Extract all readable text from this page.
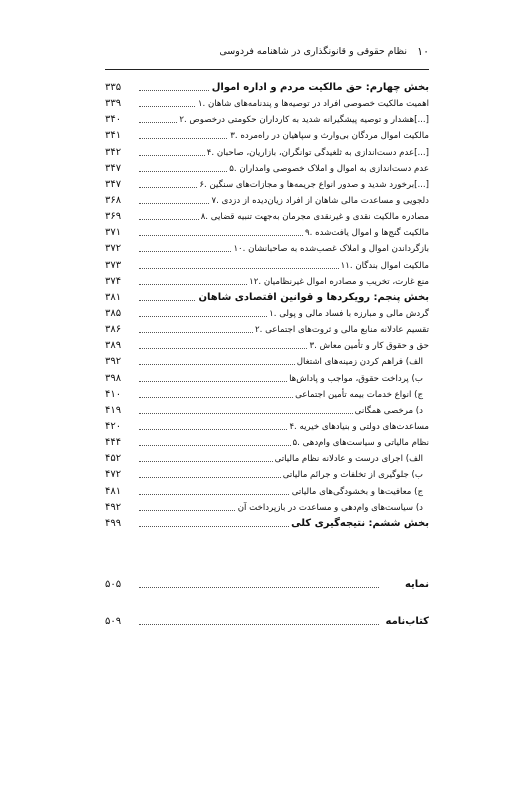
۱۰
نظام حقوقی و قانونگذاری در شاهنامه فردوسی
بخش چهارم: حق مالکیت مردم و اداره اموال
۳۳۵
۱. اهمیت مالکیت خصوصی افراد در توصیه‌ها و پندنامه‌های شاهان
۳۳۹
۲. هشدار و توصیه پیشگیرانه شدید به کارداران حکومتی درخصوص[...]
۳۴۰
۳. مالکیت اموال مردگان بی‌وارث و سپاهیان در راه‌مرده
۳۴۱
۴. عدم دست‌اندازی به ثلغیدگی توانگران، بازاریان، صاحبان[...]
۳۴۲
۵. عدم دست‌اندازی به اموال و املاک خصوصی و‌امداران
۳۴۷
۶. برخورد شدید و صدور انواع جریمه‌ها و مجازات‌های سنگین[...]
۳۴۷
۷. دلجویی و مساعدت مالی شاهان از افراد زیان‌دیده از دزدی
۳۶۸
۸. مصادره مالکیت نقدی و غیرنقدی مجرمان به‌جهت تنبیه قضایی
۳۶۹
۹. مالکیت گنج‌ها و اموال یافت‌شده
۳۷۱
۱۰. بازگرداندن اموال و املاک غصب‌شده به صاحبانشان
۳۷۲
۱۱. مالکیت اموال بندگان
۳۷۳
۱۲. منع غارت، تخریب و مصادره اموال غیرنظامیان
۳۷۴
بخش پنجم: رویکردها و قوانین اقتصادی شاهان
۳۸۱
۱. گردش مالی و مبارزه با فساد مالی و پولی
۳۸۵
۲. تقسیم عادلانه منابع مالی و ثروت‌های اجتماعی
۳۸۶
۳. حق و حقوق کار و تأمین معاش
۳۸۹
الف) فراهم کردن زمینه‌های اشتغال
۳۹۲
ب) پرداخت حقوق، مواجب و پاداش‌ها
۳۹۸
ج) انواع خدمات بیمه تأمین اجتماعی
۴۱۰
د) مرخصی همگانی
۴۱۹
۴. مساعدت‌های دولتی و بنیادهای خیریه
۴۲۰
۵. نظام مالیاتی و سیاست‌های وام‌دهی
۴۴۴
الف) اجرای درست و عادلانه نظام مالیاتی
۴۵۲
ب) جلوگیری از تخلفات و جرائم مالیاتی
۴۷۲
ج) معافیت‌ها و بخشودگی‌های مالیاتی
۴۸۱
د) سیاست‌های وام‌دهی و مساعدت در بازپرداخت آن
۴۹۲
بخش ششم: نتیجه‌گیری کلی
۴۹۹
نمایه
۵۰۵
کتاب‌نامه
۵۰۹
